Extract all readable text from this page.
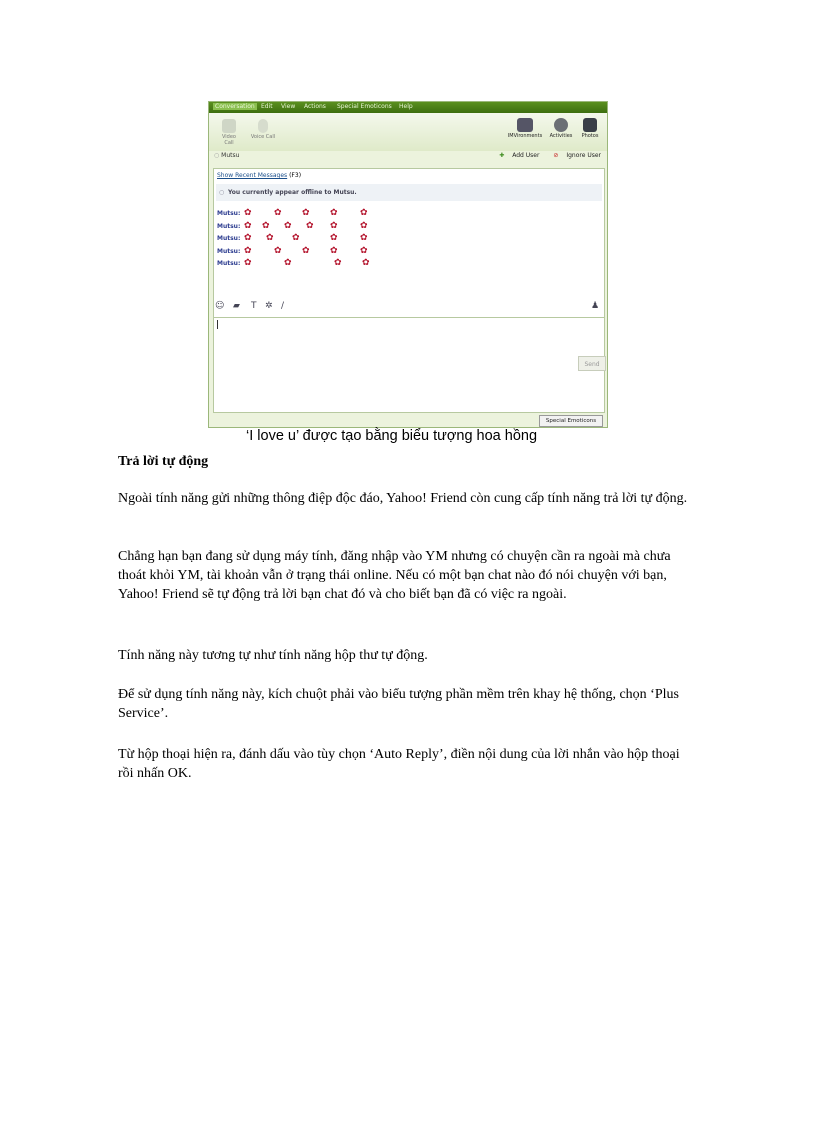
Conversation	Edit View Actions Special Emoticons Help
Video Call
Voice Call	IMVironments Activities	Photos
○ Mutsu	✚ Add User ⊘ Ignore User
Show Recent Messages (F3)
○ You currently appear offline to Mutsu.
Mutsu: ✿ ✿ ✿ ✿ ✿
Mutsu: ✿ ✿ ✿ ✿ ✿ ✿
Mutsu: ✿ ✿ ✿	✿ ✿
Mutsu: ✿ ✿ ✿ ✿ ✿
Mutsu: ✿	✿	✿ ✿
☺ ▰ T ✲ ∕	♟
Send
Special Emoticons
‘I love u’ được tạo bằng biểu tượng hoa hồng
Trả lời tự động
Ngoài tính năng gửi những thông điệp độc đáo, Yahoo! Friend còn cung cấp tính năng trả lời tự động.
Chẳng hạn bạn đang sử dụng máy tính, đăng nhập vào YM nhưng có chuyện cần ra ngoài mà chưa thoát khỏi YM, tài khoản vẫn ở trạng thái online. Nếu có một bạn chat nào đó nói chuyện với bạn, Yahoo! Friend sẽ tự động trả lời bạn chat đó và cho biết bạn đã có việc ra ngoài.
Tính năng này tương tự như tính năng hộp thư tự động.
Để sử dụng tính năng này, kích chuột phải vào biểu tượng phần mềm trên khay hệ thống, chọn ‘Plus Service’.
Từ hộp thoại hiện ra, đánh dấu vào tùy chọn ‘Auto Reply’, điền nội dung của lời nhắn vào hộp thoại rồi nhấn OK.
